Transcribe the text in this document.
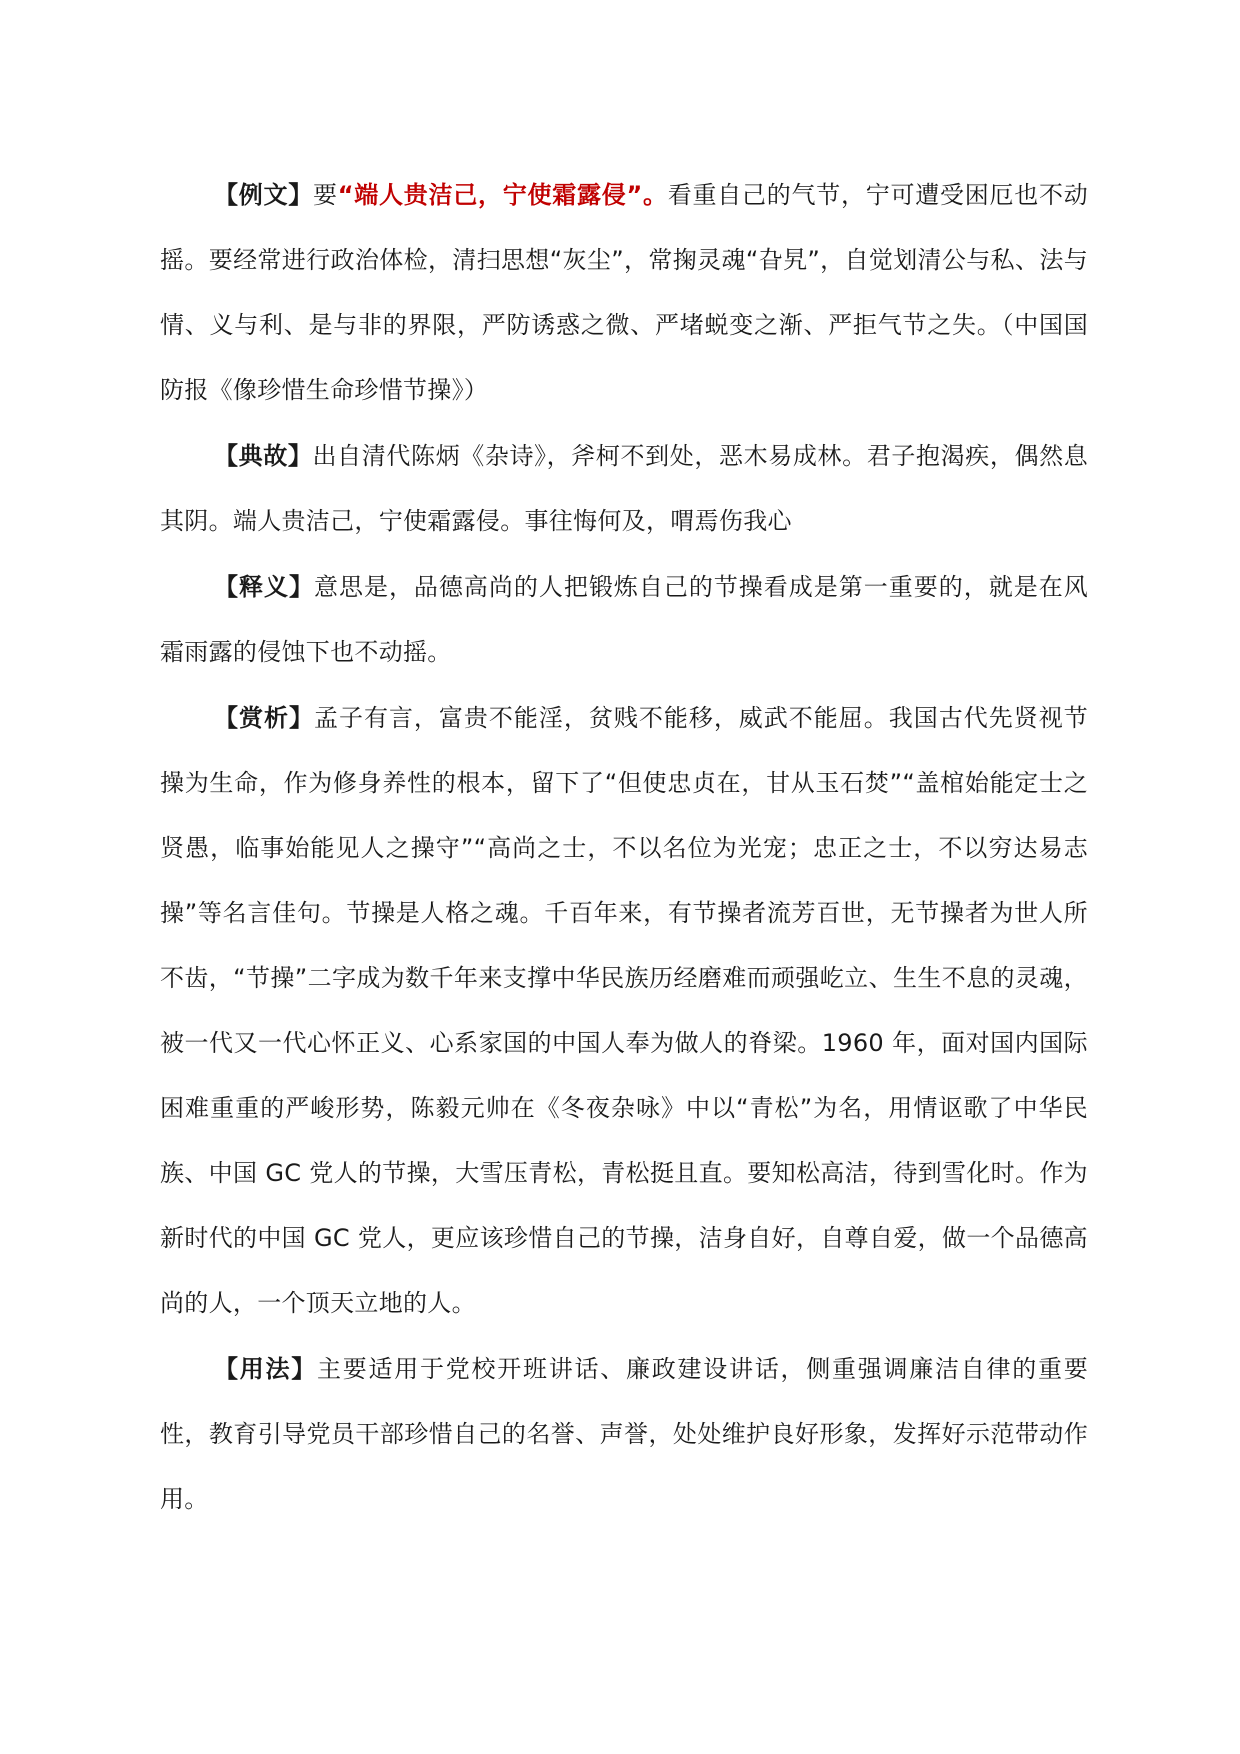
【例文】要“端人贵洁己，宁使霜露侵”。看重自己的气节，宁可遭受困厄也不动摇。要经常进行政治体检，清扫思想“灰尘”，常掬灵魂“旮旯”，自觉划清公与私、法与情、义与利、是与非的界限，严防诱惑之微、严堵蜕变之渐、严拒气节之失。（中国国防报《像珍惜生命珍惜节操》）

【典故】出自清代陈炳《杂诗》，斧柯不到处，恶木易成林。君子抱渴疾，偶然息其阴。端人贵洁己，宁使霜露侵。事往悔何及，喟焉伤我心

【释义】意思是，品德高尚的人把锻炼自己的节操看成是第一重要的，就是在风霜雨露的侵蚀下也不动摇。

【赏析】孟子有言，富贵不能淫，贫贱不能移，威武不能屈。我国古代先贤视节操为生命，作为修身养性的根本，留下了“但使忠贞在，甘从玉石焚”“盖棺始能定士之贤愚，临事始能见人之操守”“高尚之士，不以名位为光宠；忠正之士，不以穷达易志操”等名言佳句。节操是人格之魂。千百年来，有节操者流芳百世，无节操者为世人所不齿，“节操”二字成为数千年来支撑中华民族历经磨难而顽强屹立、生生不息的灵魂，被一代又一代心怀正义、心系家国的中国人奉为做人的脊梁。1960 年，面对国内国际困难重重的严峻形势，陈毅元帅在《冬夜杂咏》中以“青松”为名，用情讴歌了中华民族、中国 GC 党人的节操，大雪压青松，青松挺且直。要知松高洁，待到雪化时。作为新时代的中国 GC 党人，更应该珍惜自己的节操，洁身自好，自尊自爱，做一个品德高尚的人，一个顶天立地的人。

【用法】主要适用于党校开班讲话、廉政建设讲话，侧重强调廉洁自律的重要性，教育引导党员干部珍惜自己的名誉、声誉，处处维护良好形象，发挥好示范带动作用。
